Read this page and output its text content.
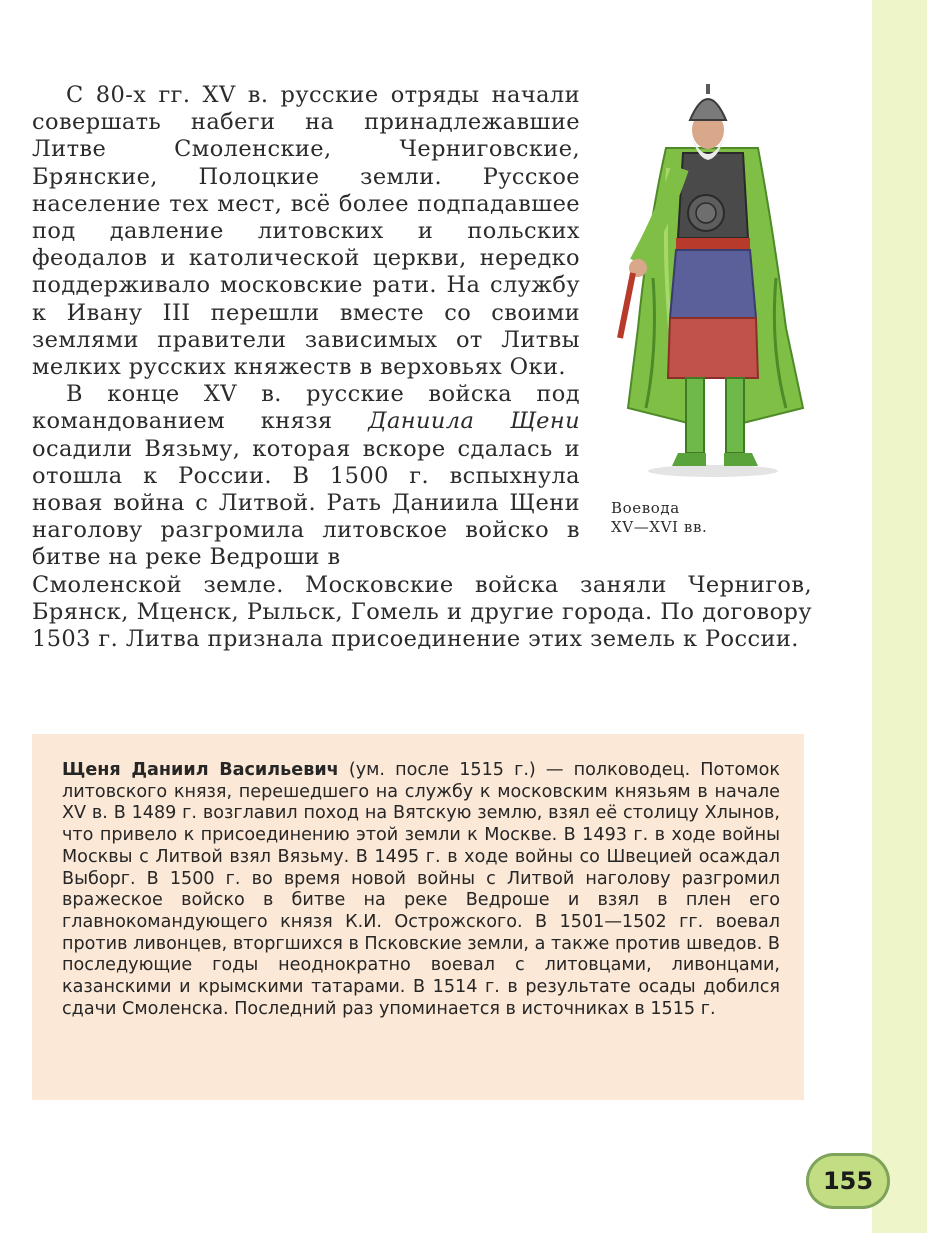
С 80-х гг. XV в. русские отряды начали совершать набеги на принадлежавшие Литве Смоленские, Черниговские, Брянские, Полоцкие земли. Русское население тех мест, всё более подпадавшее под давление литовских и польских феодалов и католической церкви, нередко поддерживало московские рати. На службу к Ивану III перешли вместе со своими землями правители зависимых от Литвы мелких русских княжеств в верховьях Оки.

В конце XV в. русские войска под командованием князя Даниила Щени осадили Вязьму, которая вскоре сдалась и отошла к России. В 1500 г. вспыхнула новая война с Литвой. Рать Даниила Щени наголову разгромила литовское войско в битве на реке Ведроши в

Смоленской земле. Московские войска заняли Чернигов, Брянск, Мценск, Рыльск, Гомель и другие города. По договору 1503 г. Литва признала присоединение этих земель к России.

Воевода
XV—XVI вв.
Щеня Даниил Васильевич (ум. после 1515 г.) — полководец. Потомок литовского князя, перешедшего на службу к московским князьям в начале XV в. В 1489 г. возглавил поход на Вятскую землю, взял её столицу Хлынов, что привело к присоединению этой земли к Москве. В 1493 г. в ходе войны Москвы с Литвой взял Вязьму. В 1495 г. в ходе войны со Швецией осаждал Выборг. В 1500 г. во время новой войны с Литвой наголову разгромил вражеское войско в битве на реке Ведроше и взял в плен его главнокомандующего князя К.И. Острожского. В 1501—1502 гг. воевал против ливонцев, вторгшихся в Псковские земли, а также против шведов. В последующие годы неоднократно воевал с литовцами, ливонцами, казанскими и крымскими татарами. В 1514 г. в результате осады добился сдачи Смоленска. Последний раз упоминается в источниках в 1515 г.
155
